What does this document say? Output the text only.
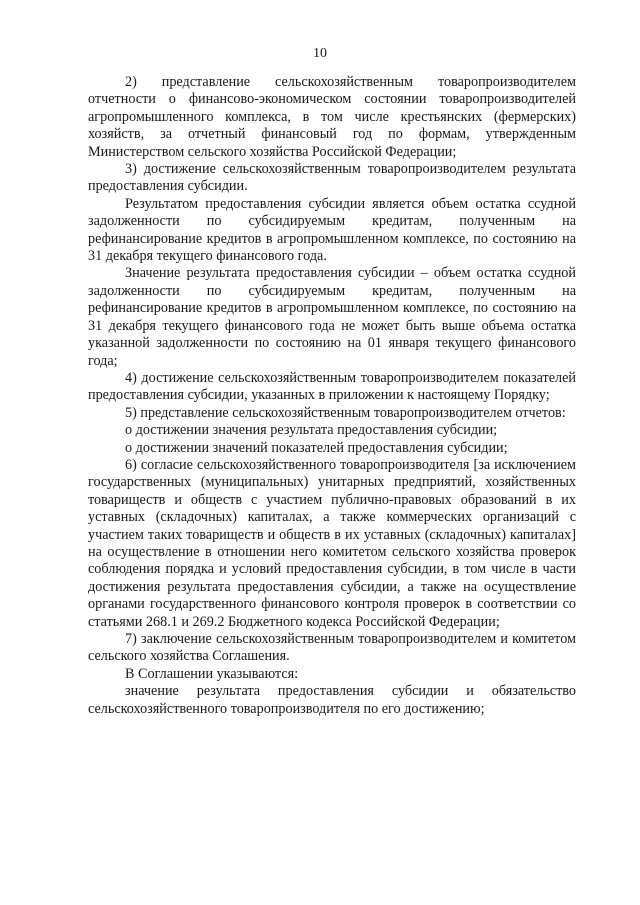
10

2) представление сельскохозяйственным товаропроизводителем отчетности о финансово-экономическом состоянии товаропроизводителей агропромышленного комплекса, в том числе крестьянских (фермерских) хозяйств, за отчетный финансовый год по формам, утвержденным Министерством сельского хозяйства Российской Федерации;

3) достижение сельскохозяйственным товаропроизводителем результата предоставления субсидии.

Результатом предоставления субсидии является объем остатка ссудной задолженности по субсидируемым кредитам, полученным на рефинансирование кредитов в агропромышленном комплексе, по состоянию на 31 декабря текущего финансового года.

Значение результата предоставления субсидии – объем остатка ссудной задолженности по субсидируемым кредитам, полученным на рефинансирование кредитов в агропромышленном комплексе, по состоянию на 31 декабря текущего финансового года не может быть выше объема остатка указанной задолженности по состоянию на 01 января текущего финансового года;

4) достижение сельскохозяйственным товаропроизводителем показателей предоставления субсидии, указанных в приложении к настоящему Порядку;

5) представление сельскохозяйственным товаропроизводителем отчетов:

о достижении значения результата предоставления субсидии;

о достижении значений показателей предоставления субсидии;

6) согласие сельскохозяйственного товаропроизводителя [за исключением государственных (муниципальных) унитарных предприятий, хозяйственных товариществ и обществ с участием публично-правовых образований в их уставных (складочных) капиталах, а также коммерческих организаций с участием таких товариществ и обществ в их уставных (складочных) капиталах] на осуществление в отношении него комитетом сельского хозяйства проверок соблюдения порядка и условий предоставления субсидии, в том числе в части достижения результата предоставления субсидии, а также на осуществление органами государственного финансового контроля проверок в соответствии со статьями 268.1 и 269.2 Бюджетного кодекса Российской Федерации;

7) заключение сельскохозяйственным товаропроизводителем и комитетом сельского хозяйства Соглашения.

В Соглашении указываются:

значение результата предоставления субсидии и обязательство сельскохозяйственного товаропроизводителя по его достижению;
